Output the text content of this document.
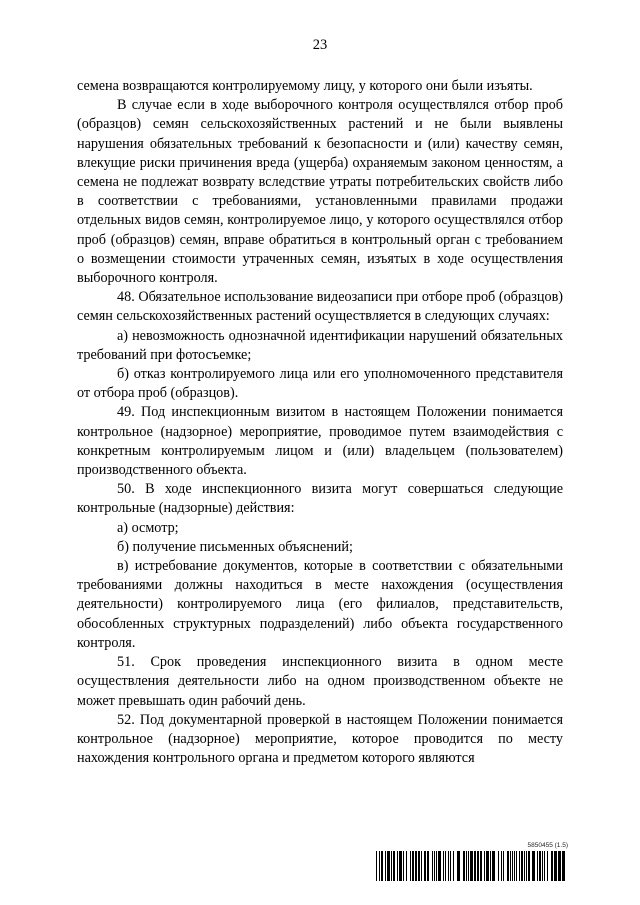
23

семена возвращаются контролируемому лицу, у которого они были изъяты.

В случае если в ходе выборочного контроля осуществлялся отбор проб (образцов) семян сельскохозяйственных растений и не были выявлены нарушения обязательных требований к безопасности и (или) качеству семян, влекущие риски причинения вреда (ущерба) охраняемым законом ценностям, а семена не подлежат возврату вследствие утраты потребительских свойств либо в соответствии с требованиями, установленными правилами продажи отдельных видов семян, контролируемое лицо, у которого осуществлялся отбор проб (образцов) семян, вправе обратиться в контрольный орган с требованием о возмещении стоимости утраченных семян, изъятых в ходе осуществления выборочного контроля.

48. Обязательное использование видеозаписи при отборе проб (образцов) семян сельскохозяйственных растений осуществляется в следующих случаях:

а) невозможность однозначной идентификации нарушений обязательных требований при фотосъемке;

б) отказ контролируемого лица или его уполномоченного представителя от отбора проб (образцов).

49. Под инспекционным визитом в настоящем Положении понимается контрольное (надзорное) мероприятие, проводимое путем взаимодействия с конкретным контролируемым лицом и (или) владельцем (пользователем) производственного объекта.

50. В ходе инспекционного визита могут совершаться следующие контрольные (надзорные) действия:

а) осмотр;

б) получение письменных объяснений;

в) истребование документов, которые в соответствии с обязательными требованиями должны находиться в месте нахождения (осуществления деятельности) контролируемого лица (его филиалов, представительств, обособленных структурных подразделений) либо объекта государственного контроля.

51. Срок проведения инспекционного визита в одном месте осуществления деятельности либо на одном производственном объекте не может превышать один рабочий день.

52. Под документарной проверкой в настоящем Положении понимается контрольное (надзорное) мероприятие, которое проводится по месту нахождения контрольного органа и предметом которого являются

5850455 (1.5)
